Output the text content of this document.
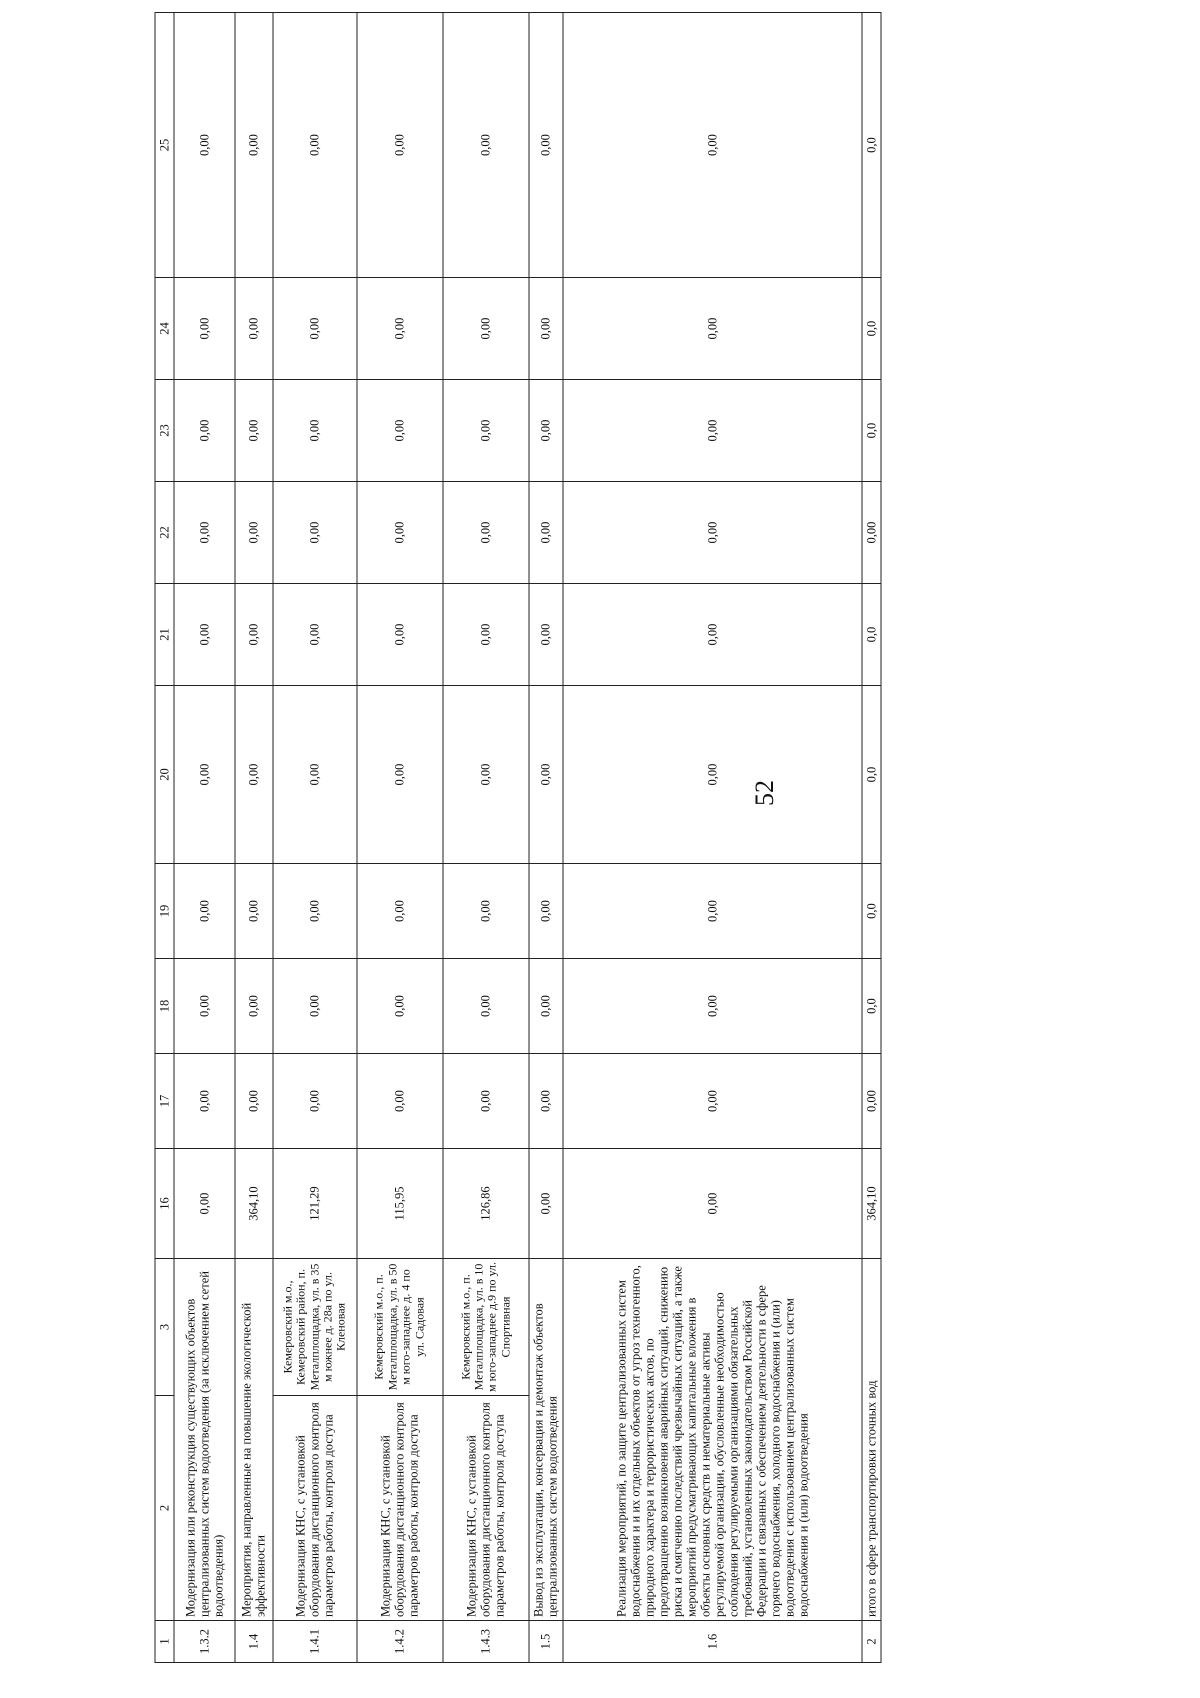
52
1	2	3	16	17	18	19	20	21	22	23	24	25
1.3.2	Модернизация или реконструкция существующих объектов централизованных систем водоотведения (за исключением сетей водоотведения)		0,00	0,00	0,00	0,00	0,00	0,00	0,00	0,00	0,00	0,00
1.4	Мероприятия, направленные на повышение экологической эффективности		364,10	0,00	0,00	0,00	0,00	0,00	0,00	0,00	0,00	0,00
1.4.1	Модернизация КНС, с установкой оборудования дистанционного контроля параметров работы, контроля доступа	Кемеровский м.о., Кемеровский район, п. Металплощадка, ул. в 35 м южнее д. 28а по ул. Кленовая	121,29	0,00	0,00	0,00	0,00	0,00	0,00	0,00	0,00	0,00
1.4.2	Модернизация КНС, с установкой оборудования дистанционного контроля параметров работы, контроля доступа	Кемеровский м.о., п. Металплощадка, ул. в 50 м юго-западнее д. 4 по ул. Садовая	115,95	0,00	0,00	0,00	0,00	0,00	0,00	0,00	0,00	0,00
1.4.3	Модернизация КНС, с установкой оборудования дистанционного контроля параметров работы, контроля доступа	Кемеровский м.о., п. Металплощадка, ул. в 10 м юго-западнее д.9 по ул. Спортивная	126,86	0,00	0,00	0,00	0,00	0,00	0,00	0,00	0,00	0,00
1.5	Вывод из эксплуатации, консервация и демонтаж объектов централизованных систем водоотведения		0,00	0,00	0,00	0,00	0,00	0,00	0,00	0,00	0,00	0,00
1.6	Реализация мероприятий, по защите централизованных систем водоснабжения и и их отдельных объектов от угроз техногенного, природного характера и террористических актов, по предотвращению возникновения аварийных ситуаций, снижению риска и смягчению последствий чрезвычайных ситуаций, а также мероприятий предусматривающих капитальные вложения в объекты основных средств и нематериальные активы регулируемой организации, обусловленные необходимостью соблюдения регулируемыми организациями обязательных требований, установленных законодательством Российской Федерации и связанных с обеспечением деятельности в сфере горячего водоснабжения, холодного водоснабжения и (или) водоотведения с использованием централизованных систем водоснабжения и (или) водоотведения		0,00	0,00	0,00	0,00	0,00	0,00	0,00	0,00	0,00	0,00
2	итого в сфере транспортировки сточных вод		364,10	0,00	0,0	0,0	0,0	0,0	0,00	0,0	0,0	0,0
